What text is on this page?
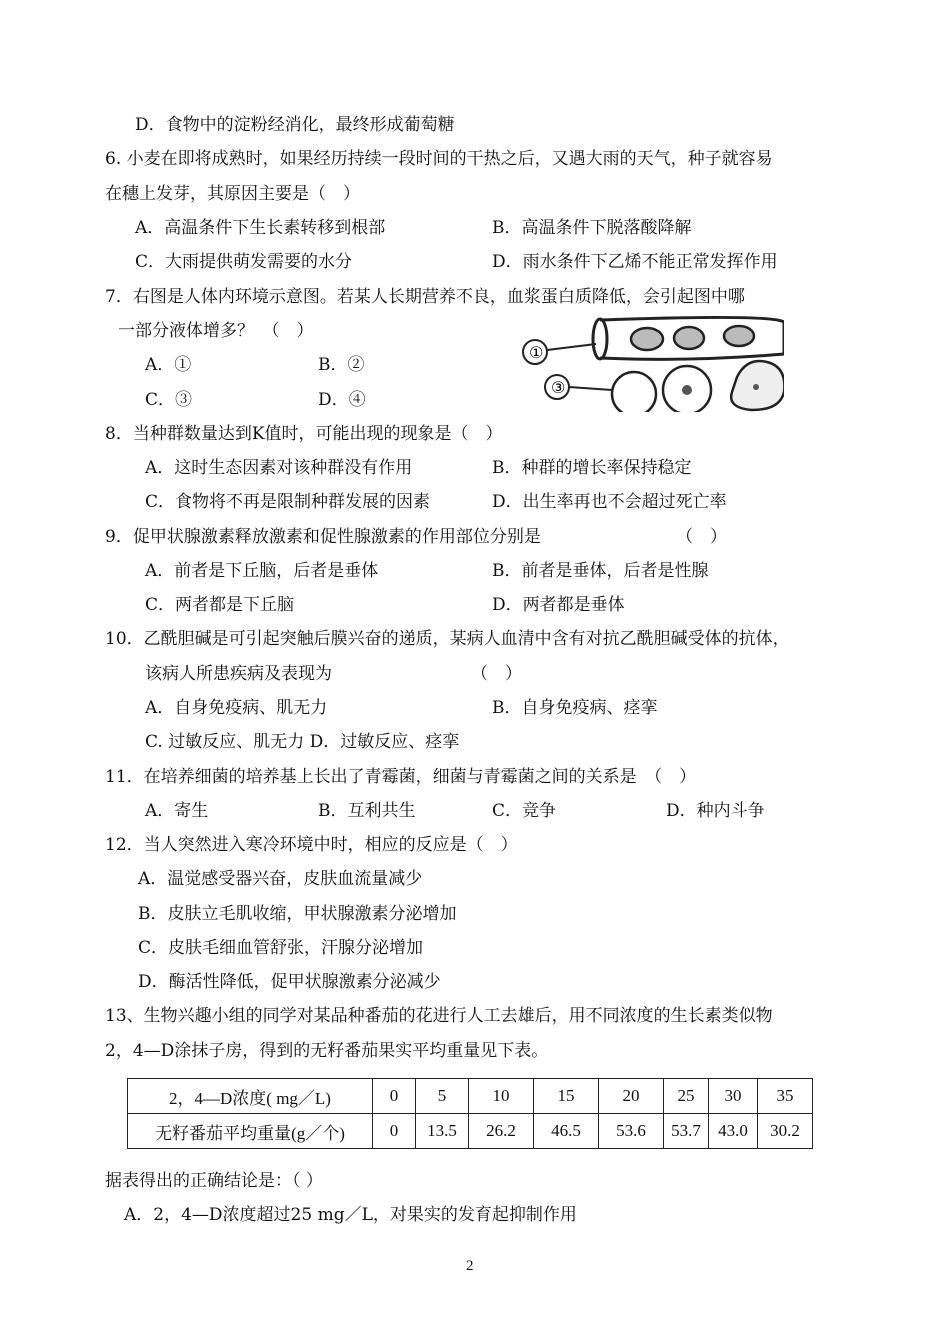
D．食物中的淀粉经消化，最终形成葡萄糖
6. 小麦在即将成熟时，如果经历持续一段时间的干热之后，又遇大雨的天气，种子就容易
在穗上发芽，其原因主要是（　）
A．高温条件下生长素转移到根部	B．高温条件下脱落酸降解
C．大雨提供萌发需要的水分	D．雨水条件下乙烯不能正常发挥作用
7．右图是人体内环境示意图。若某人长期营养不良，血浆蛋白质降低，会引起图中哪
一部分液体增多？　（　）
A．①	B．②
C．③	D．④
8．当种群数量达到K值时，可能出现的现象是（　）
A．这时生态因素对该种群没有作用	B．种群的增长率保持稳定
C．食物将不再是限制种群发展的因素	D．出生率再也不会超过死亡率
9．促甲状腺激素释放激素和促性腺激素的作用部位分别是	（　）
A．前者是下丘脑，后者是垂体	B．前者是垂体，后者是性腺
C．两者都是下丘脑	D．两者都是垂体
10．乙酰胆碱是可引起突触后膜兴奋的递质，某病人血清中含有对抗乙酰胆碱受体的抗体，
该病人所患疾病及表现为	（　）
A．自身免疫病、肌无力	B．自身免疫病、痉挛
C. 过敏反应、肌无力 D．过敏反应、痉挛
11．在培养细菌的培养基上长出了青霉菌，细菌与青霉菌之间的关系是　（　）
A．寄生	B．互利共生	C．竞争	D．种内斗争
12．当人突然进入寒冷环境中时，相应的反应是（　）
A．温觉感受器兴奋，皮肤血流量减少
B．皮肤立毛肌收缩，甲状腺激素分泌增加
C．皮肤毛细血管舒张，汗腺分泌增加
D．酶活性降低，促甲状腺激素分泌减少
13、生物兴趣小组的同学对某品种番茄的花进行人工去雄后，用不同浓度的生长素类似物
2，4—D涂抹子房，得到的无籽番茄果实平均重量见下表。
据表得出的正确结论是：（ ）
A．2，4—D浓度超过25 mg／L，对果实的发育起抑制作用
①
③
2，4—D浓度( mg／L)	0	5	10	15	20	25	30	35
无籽番茄平均重量(g／个)	0	13.5	26.2	46.5	53.6	53.7	43.0	30.2
2
